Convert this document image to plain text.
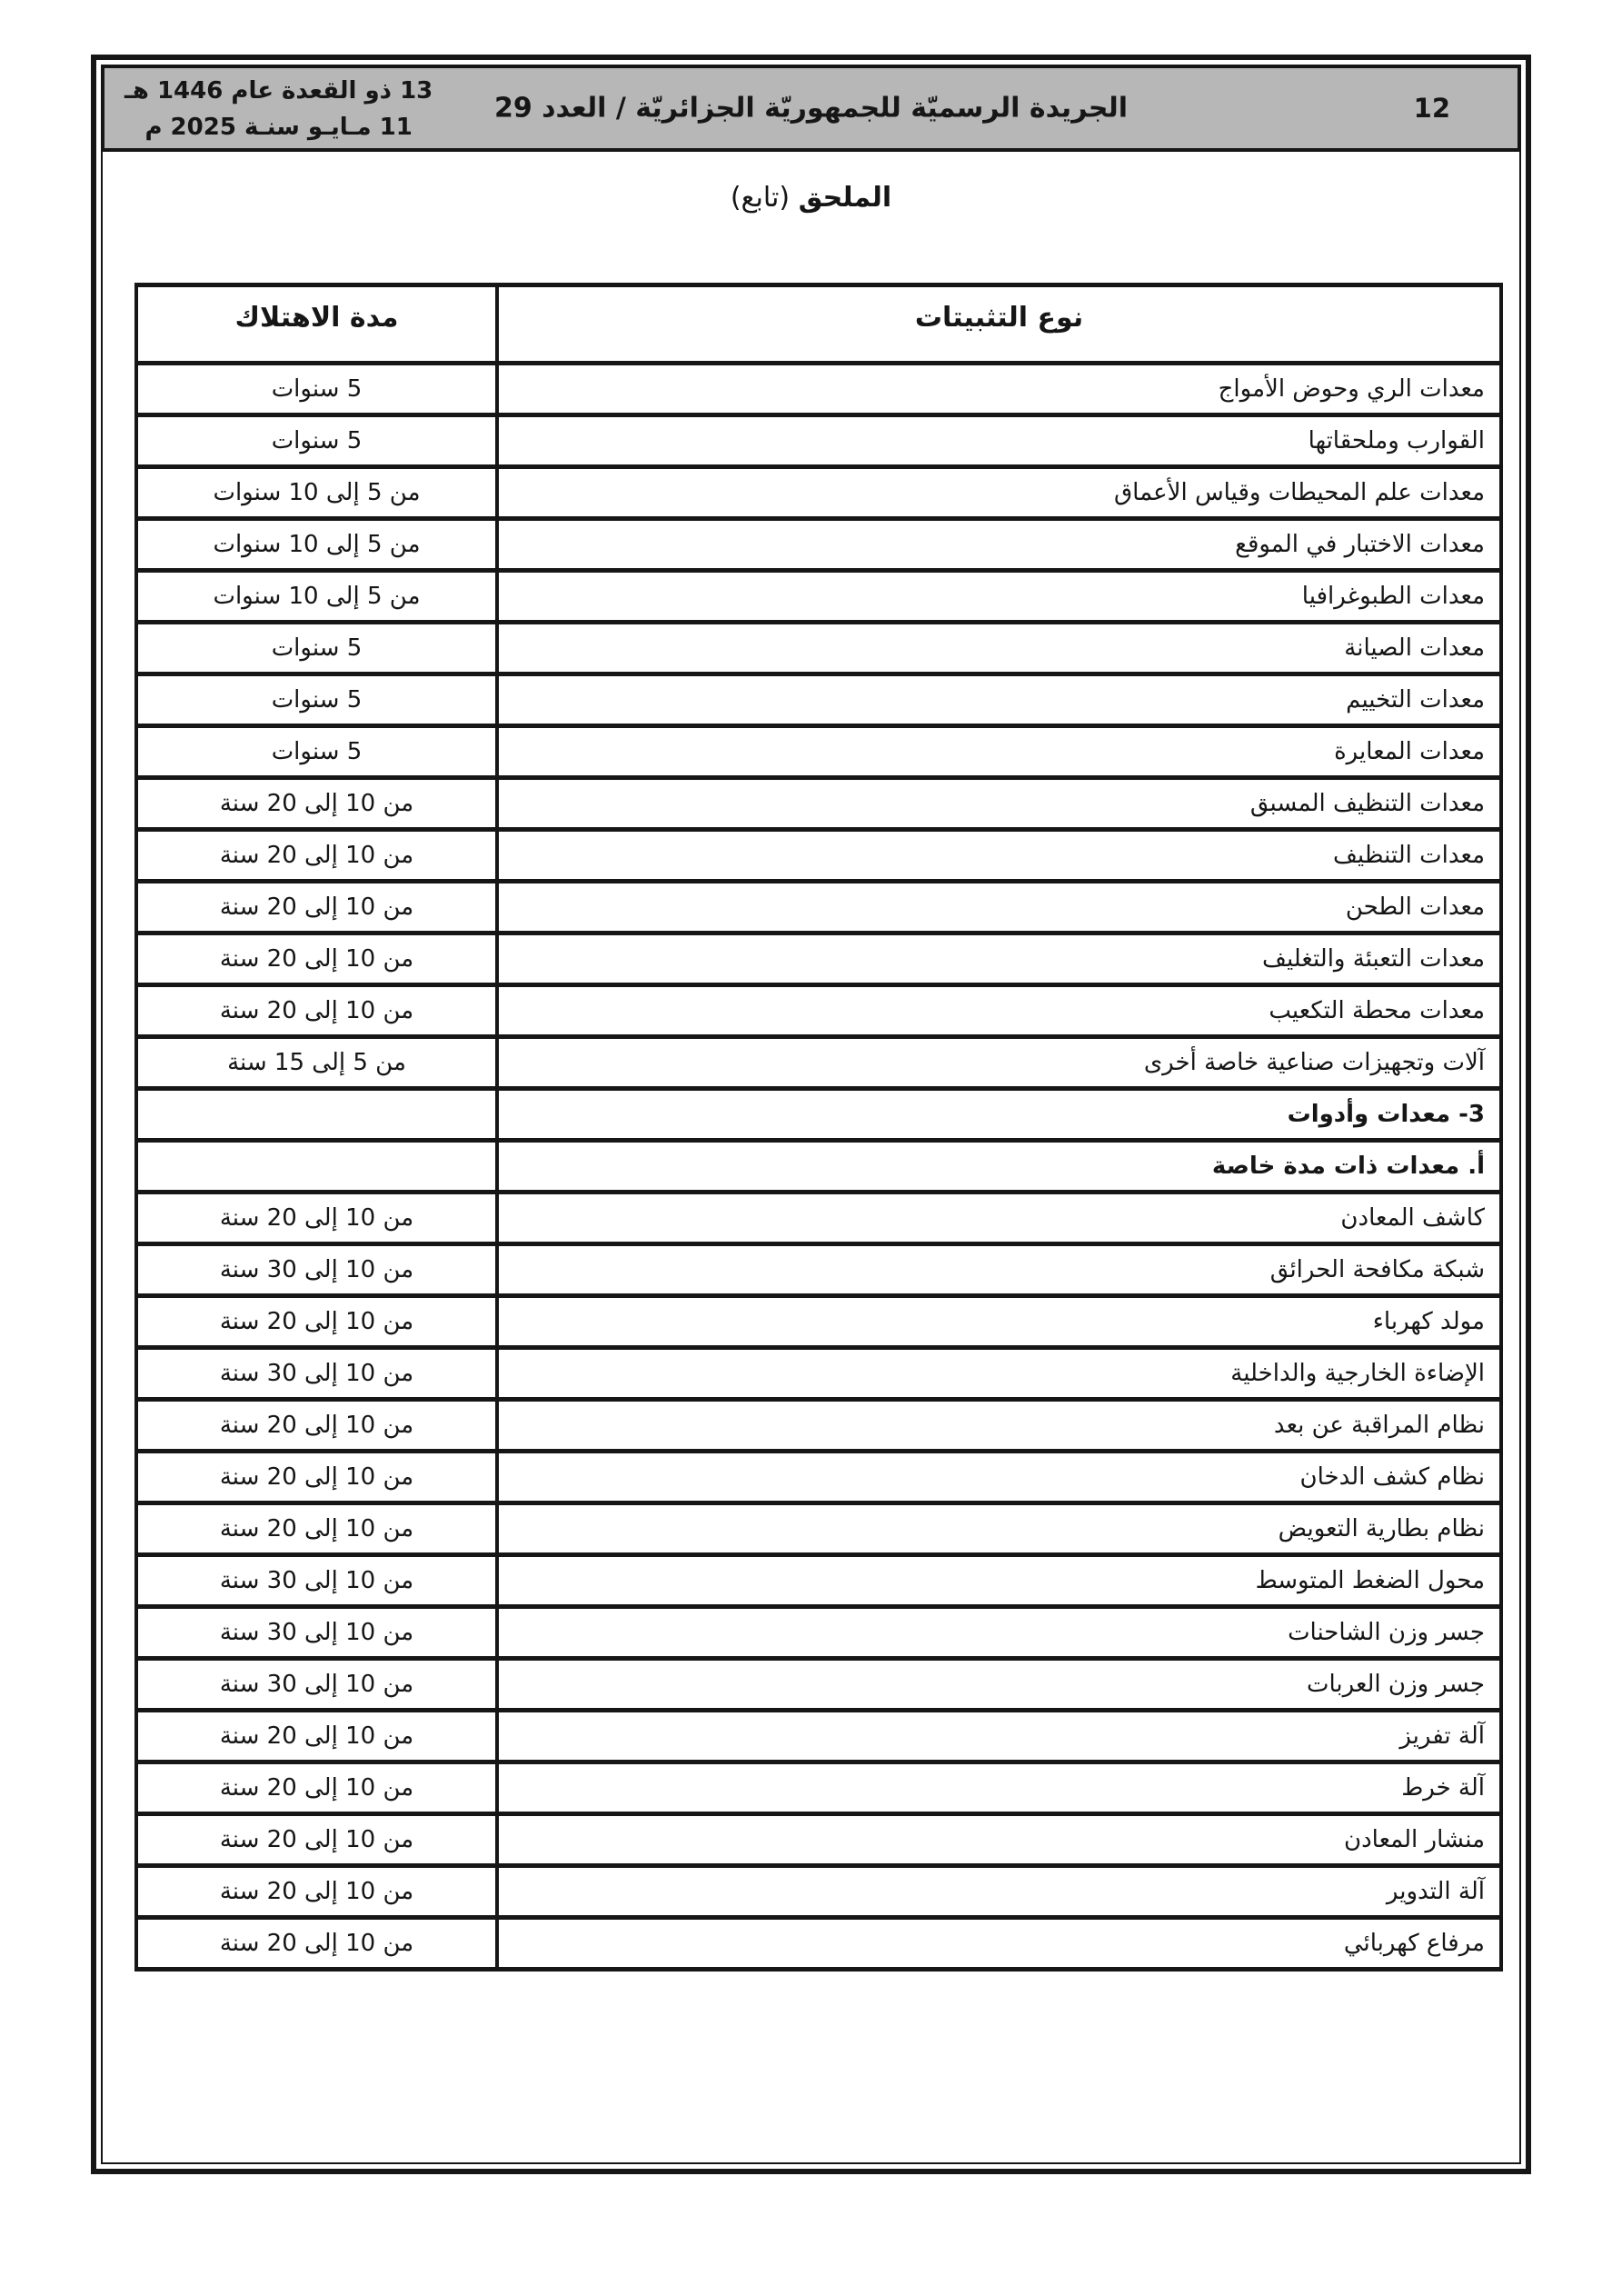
13 ذو القعدة عام 1446 هـ
11 مـايـو سنـة 2025 م
الجريدة الرسميّة للجمهوريّة الجزائريّة / العدد 29	12
الملحق (تابع)
نوع التثبيتات	مدة الاهتلاك
معدات الري وحوض الأمواج	5 سنوات
القوارب وملحقاتها	5 سنوات
معدات علم المحيطات وقياس الأعماق	من 5 إلى 10 سنوات
معدات الاختبار في الموقع	من 5 إلى 10 سنوات
معدات الطبوغرافيا	من 5 إلى 10 سنوات
معدات الصيانة	5 سنوات
معدات التخييم	5 سنوات
معدات المعايرة	5 سنوات
معدات التنظيف المسبق	من 10 إلى 20 سنة
معدات التنظيف	من 10 إلى 20 سنة
معدات الطحن	من 10 إلى 20 سنة
معدات التعبئة والتغليف	من 10 إلى 20 سنة
معدات محطة التكعيب	من 10 إلى 20 سنة
آلات وتجهيزات صناعية خاصة أخرى	من 5 إلى 15 سنة
3- معدات وأدوات	
أ. معدات ذات مدة خاصة	
كاشف المعادن	من 10 إلى 20 سنة
شبكة مكافحة الحرائق	من 10 إلى 30 سنة
مولد كهرباء	من 10 إلى 20 سنة
الإضاءة الخارجية والداخلية	من 10 إلى 30 سنة
نظام المراقبة عن بعد	من 10 إلى 20 سنة
نظام كشف الدخان	من 10 إلى 20 سنة
نظام بطارية التعويض	من 10 إلى 20 سنة
محول الضغط المتوسط	من 10 إلى 30 سنة
جسر وزن الشاحنات	من 10 إلى 30 سنة
جسر وزن العربات	من 10 إلى 30 سنة
آلة تفريز	من 10 إلى 20 سنة
آلة خرط	من 10 إلى 20 سنة
منشار المعادن	من 10 إلى 20 سنة
آلة التدوير	من 10 إلى 20 سنة
مرفاع كهربائي	من 10 إلى 20 سنة
